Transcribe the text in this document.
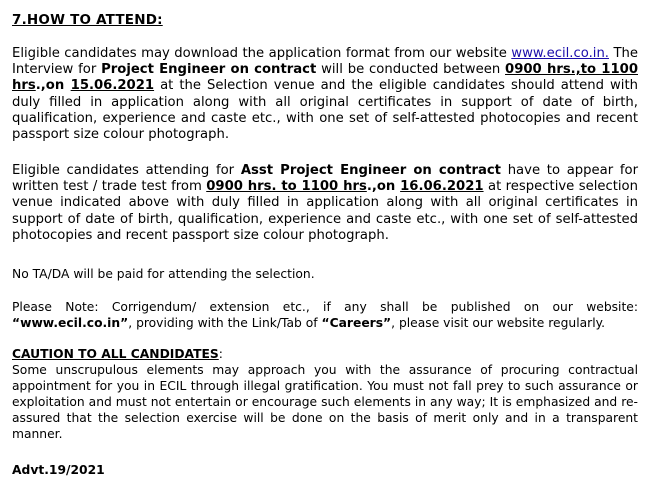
7.HOW TO ATTEND:
Eligible candidates may download the application format from our website www.ecil.co.in. The Interview for Project Engineer on contract will be conducted between 0900 hrs.,to 1100 hrs.,on 15.06.2021 at the Selection venue and the eligible candidates should attend with duly filled in application along with all original certificates in support of date of birth, qualification, experience and caste etc., with one set of self-attested photocopies and recent passport size colour photograph.
Eligible candidates attending for Asst Project Engineer on contract have to appear for written test / trade test from 0900 hrs. to 1100 hrs.,on 16.06.2021 at respective selection venue indicated above with duly filled in application along with all original certificates in support of date of birth, qualification, experience and caste etc., with one set of self-attested photocopies and recent passport size colour photograph.
No TA/DA will be paid for attending the selection.
Please Note: Corrigendum/ extension etc., if any shall be published on our website: “www.ecil.co.in”, providing with the Link/Tab of “Careers”, please visit our website regularly.
CAUTION TO ALL CANDIDATES:
Some unscrupulous elements may approach you with the assurance of procuring contractual appointment for you in ECIL through illegal gratification. You must not fall prey to such assurance or exploitation and must not entertain or encourage such elements in any way; It is emphasized and re-assured that the selection exercise will be done on the basis of merit only and in a transparent manner.
Advt.19/2021
